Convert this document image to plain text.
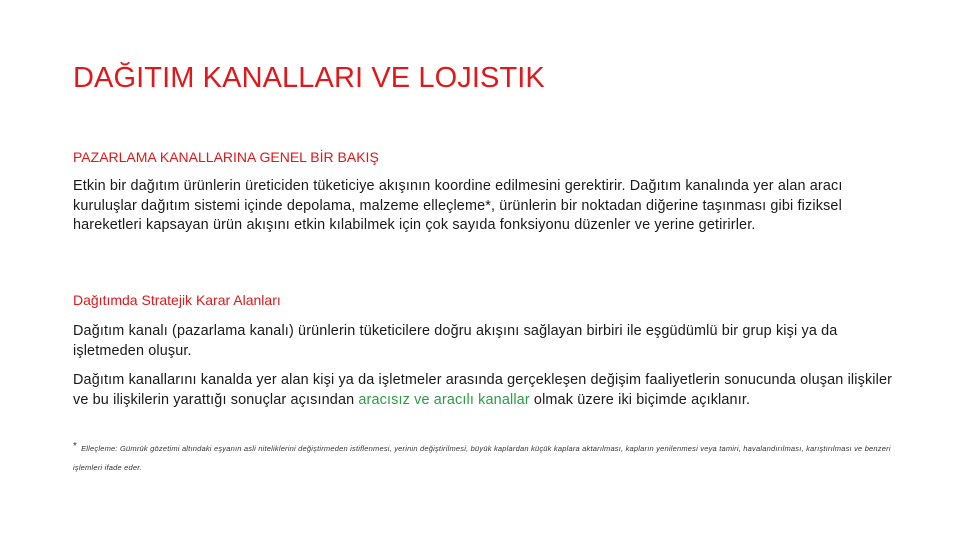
DAĞITIM KANALLARI VE LOJISTIK
PAZARLAMA KANALLARINA GENEL BİR BAKIŞ
Etkin bir dağıtım ürünlerin üreticiden tüketiciye akışının koordine edilmesini gerektirir. Dağıtım kanalında yer alan aracı kuruluşlar dağıtım sistemi içinde depolama, malzeme elleçleme*, ürünlerin bir noktadan diğerine taşınması gibi fiziksel hareketleri kapsayan ürün akışını etkin kılabilmek için çok sayıda fonksiyonu düzenler ve yerine getirirler.
Dağıtımda Stratejik Karar Alanları
Dağıtım kanalı (pazarlama kanalı) ürünlerin tüketicilere doğru akışını sağlayan birbiri ile eşgüdümlü bir grup kişi ya da işletmeden oluşur.
Dağıtım kanallarını kanalda yer alan kişi ya da işletmeler arasında gerçekleşen değişim faaliyetlerin sonucunda oluşan ilişkiler ve bu ilişkilerin yarattığı sonuçlar açısından aracısız ve aracılı kanallar olmak üzere iki biçimde açıklanır.
* Elleçleme: Gümrük gözetimi altındaki eşyanın asli niteliklerini değiştirmeden istiflenmesi, yerinin değiştirilmesi, büyük kaplardan küçük kaplara aktarılması, kapların yenilenmesi veya tamiri, havalandırılması, karıştırılması ve benzeri işlemleri ifade eder.
